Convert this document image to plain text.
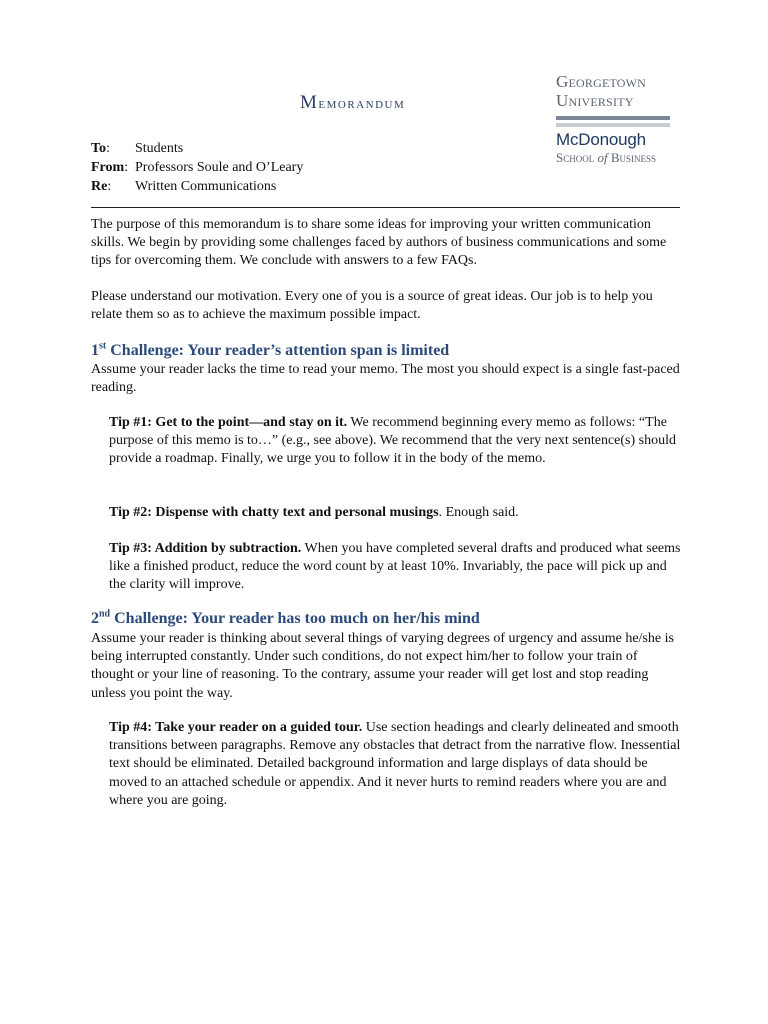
Memorandum
Georgetown
University
McDonough
School of Business
To:	Students
From: Professors Soule and O’Leary
Re:	Written Communications
The purpose of this memorandum is to share some ideas for improving your written communication skills. We begin by providing some challenges faced by authors of business communications and some tips for overcoming them. We conclude with answers to a few FAQs.
Please understand our motivation. Every one of you is a source of great ideas. Our job is to help you relate them so as to achieve the maximum possible impact.
1st Challenge: Your reader’s attention span is limited
Assume your reader lacks the time to read your memo. The most you should expect is a single fast-paced reading.
Tip #1: Get to the point—and stay on it. We recommend beginning every memo as follows: “The purpose of this memo is to…” (e.g., see above). We recommend that the very next sentence(s) should provide a roadmap. Finally, we urge you to follow it in the body of the memo.
Tip #2: Dispense with chatty text and personal musings. Enough said.
Tip #3: Addition by subtraction. When you have completed several drafts and produced what seems like a finished product, reduce the word count by at least 10%. Invariably, the pace will pick up and the clarity will improve.
2nd Challenge: Your reader has too much on her/his mind
Assume your reader is thinking about several things of varying degrees of urgency and assume he/she is being interrupted constantly. Under such conditions, do not expect him/her to follow your train of thought or your line of reasoning. To the contrary, assume your reader will get lost and stop reading unless you point the way.
Tip #4: Take your reader on a guided tour. Use section headings and clearly delineated and smooth transitions between paragraphs. Remove any obstacles that detract from the narrative flow. Inessential text should be eliminated. Detailed background information and large displays of data should be moved to an attached schedule or appendix. And it never hurts to remind readers where you are and where you are going.
